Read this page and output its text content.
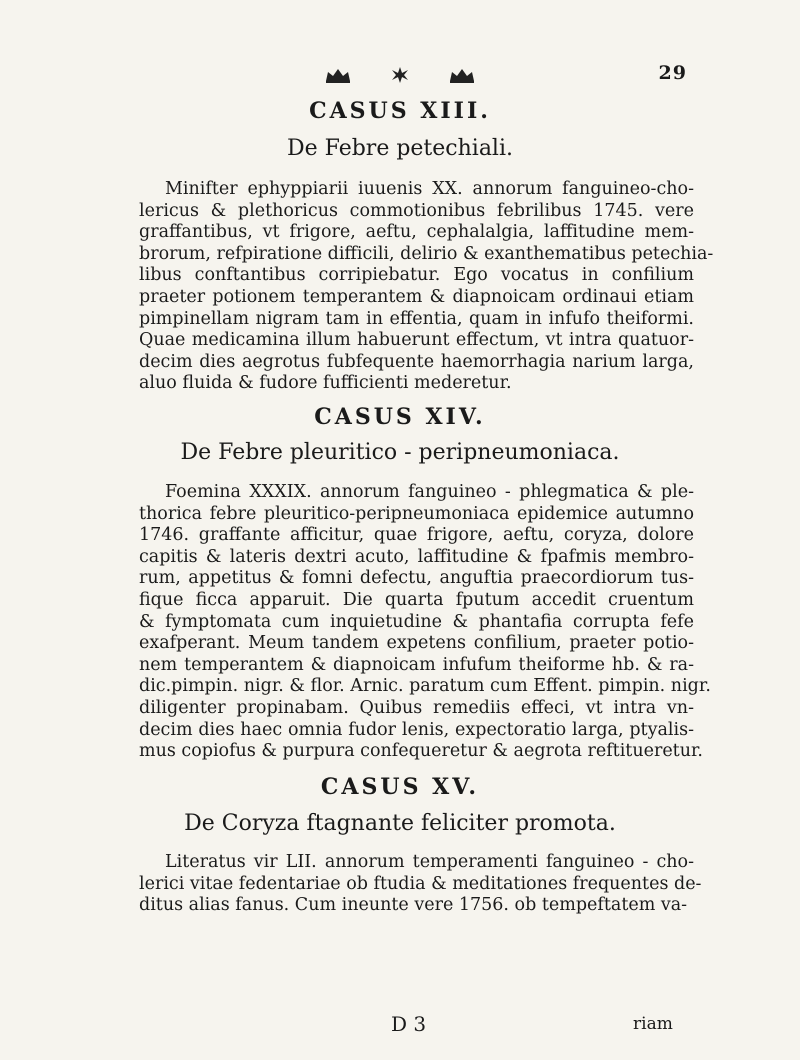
29
CASUS XIII.
De Febre petechiali.
Minifter ephyppiarii iuuenis XX. annorum fanguineo-cho-
lericus & plethoricus commotionibus febrilibus 1745. vere
graffantibus, vt frigore, aeftu, cephalalgia, laffitudine mem-
brorum, refpiratione difficili, delirio & exanthematibus petechia-
libus conftantibus corripiebatur. Ego vocatus in confilium
praeter potionem temperantem & diapnoicam ordinaui etiam
pimpinellam nigram tam in effentia, quam in infufo theiformi.
Quae medicamina illum habuerunt effectum, vt intra quatuor-
decim dies aegrotus fubfequente haemorrhagia narium larga,
aluo fluida & fudore fufficienti mederetur.
CASUS XIV.
De Febre pleuritico - peripneumoniaca.
Foemina XXXIX. annorum fanguineo - phlegmatica & ple-
thorica febre pleuritico-peripneumoniaca epidemice autumno
1746. graffante afficitur, quae frigore, aeftu, coryza, dolore
capitis & lateris dextri acuto, laffitudine & fpafmis membro-
rum, appetitus & fomni defectu, anguftia praecordiorum tus-
fique ficca apparuit. Die quarta fputum accedit cruentum
& fymptomata cum inquietudine & phantafia corrupta fefe
exafperant. Meum tandem expetens confilium, praeter potio-
nem temperantem & diapnoicam infufum theiforme hb. & ra-
dic.pimpin. nigr. & flor. Arnic. paratum cum Effent. pimpin. nigr.
diligenter propinabam. Quibus remediis effeci, vt intra vn-
decim dies haec omnia fudor lenis, expectoratio larga, ptyalis-
mus copiofus & purpura confequeretur & aegrota reftitueretur.
CASUS XV.
De Coryza ftagnante feliciter promota.
Literatus vir LII. annorum temperamenti fanguineo - cho-
lerici vitae fedentariae ob ftudia & meditationes frequentes de-
ditus alias fanus. Cum ineunte vere 1756. ob tempeftatem va-
D 3	riam
